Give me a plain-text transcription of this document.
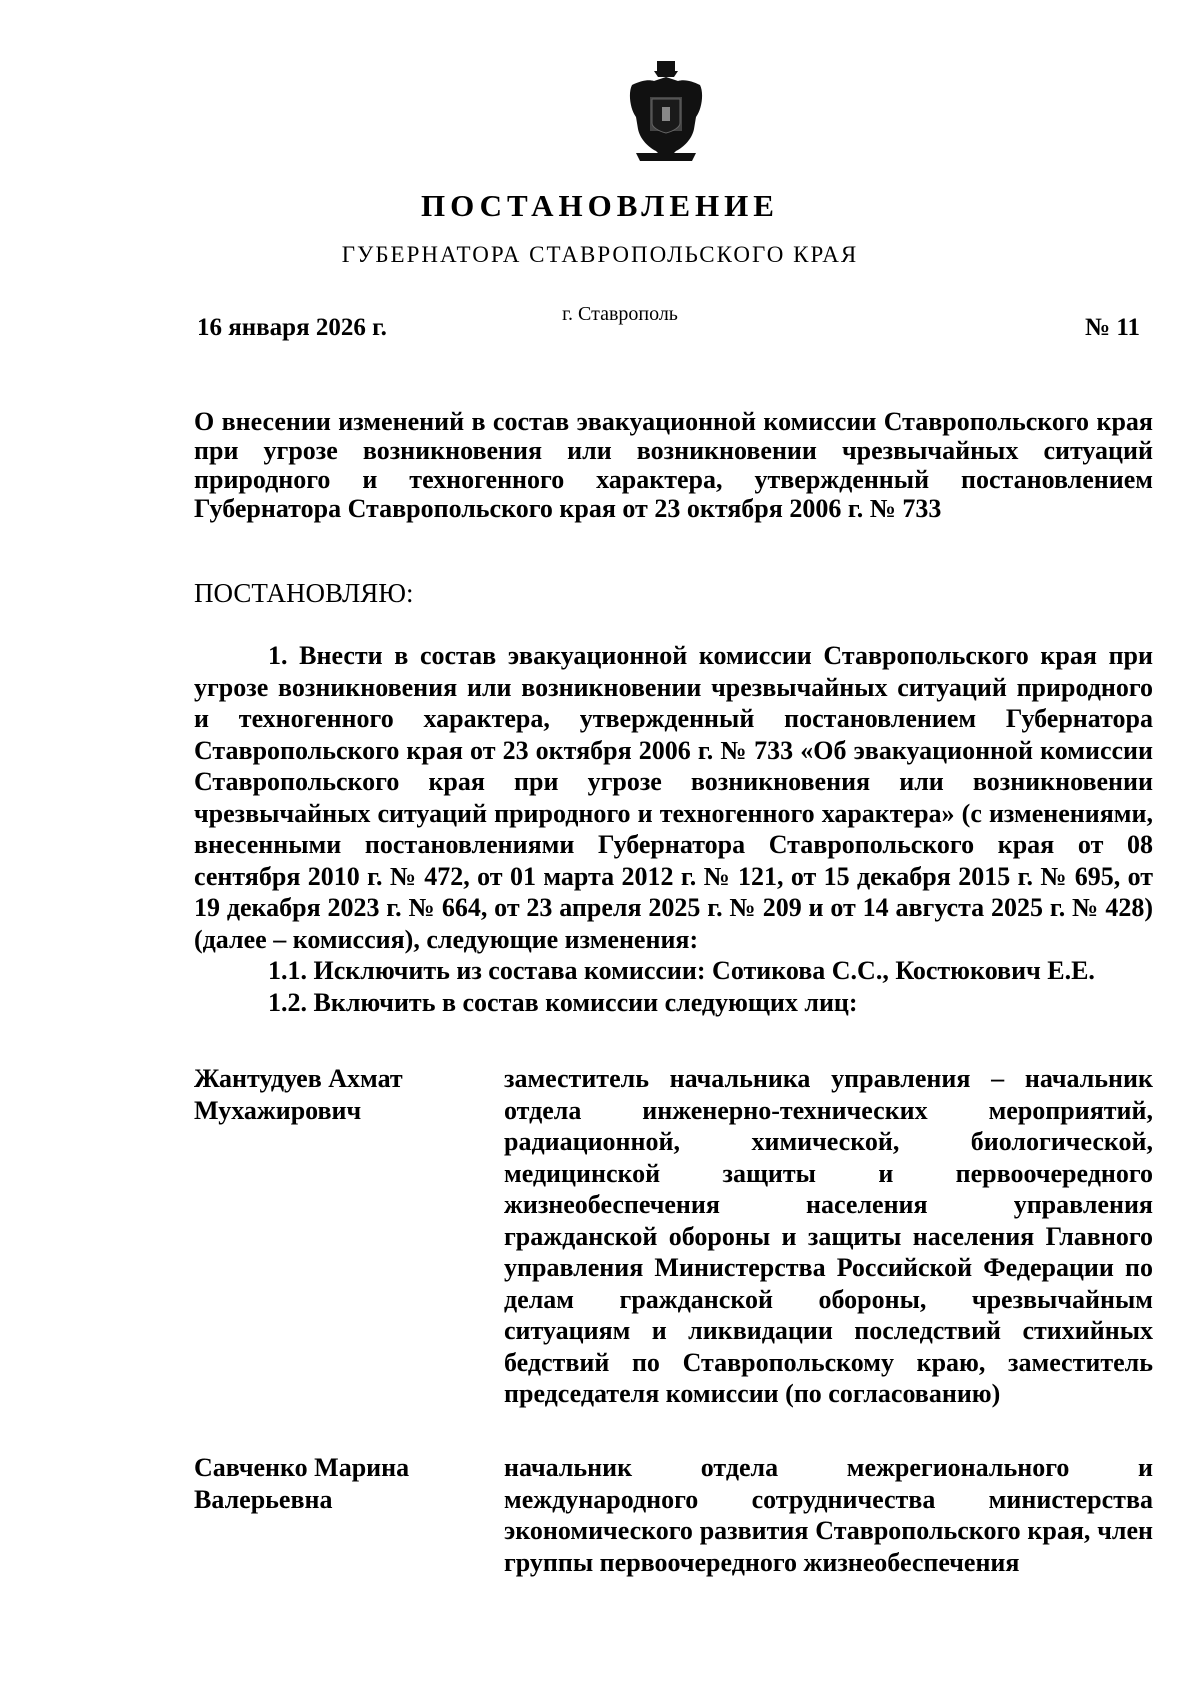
ПОСТАНОВЛЕНИЕ
ГУБЕРНАТОРА СТАВРОПОЛЬСКОГО КРАЯ
16 января 2026 г.	г. Ставрополь	№ 11
О внесении изменений в состав эвакуационной комиссии Ставропольского края при угрозе возникновения или возникновении чрезвычайных ситуаций природного и техногенного характера, утвержденный постановлением Губернатора Ставропольского края от 23 октября 2006 г. № 733
ПОСТАНОВЛЯЮ:

1. Внести в состав эвакуационной комиссии Ставропольского края при угрозе возникновения или возникновении чрезвычайных ситуаций природного и техногенного характера, утвержденный постановлением Губернатора Ставропольского края от 23 октября 2006 г. № 733 «Об эвакуационной комиссии Ставропольского края при угрозе возникновения или возникновении чрезвычайных ситуаций природного и техногенного характера» (с изменениями, внесенными постановлениями Губернатора Ставропольского края от 08 сентября 2010 г. № 472, от 01 марта 2012 г. № 121, от 15 декабря 2015 г. № 695, от 19 декабря 2023 г. № 664, от 23 апреля 2025 г. № 209 и от 14 августа 2025 г. № 428) (далее – комиссия), следующие изменения:

1.1. Исключить из состава комиссии: Сотикова С.С., Костюкович Е.Е.

1.2. Включить в состав комиссии следующих лиц:

Жантудуев Ахмат Мухажирович
заместитель начальника управления – начальник отдела инженерно-технических мероприятий, радиационной, химической, биологической, медицинской защиты и первоочередного жизнеобеспечения населения управления гражданской обороны и защиты населения Главного управления Министерства Российской Федерации по делам гражданской обороны, чрезвычайным ситуациям и ликвидации последствий стихийных бедствий по Ставропольскому краю, заместитель председателя комиссии (по согласованию)
Савченко Марина Валерьевна
начальник отдела межрегионального и международного сотрудничества министерства экономического развития Ставропольского края, член группы первоочередного жизнеобеспечения
